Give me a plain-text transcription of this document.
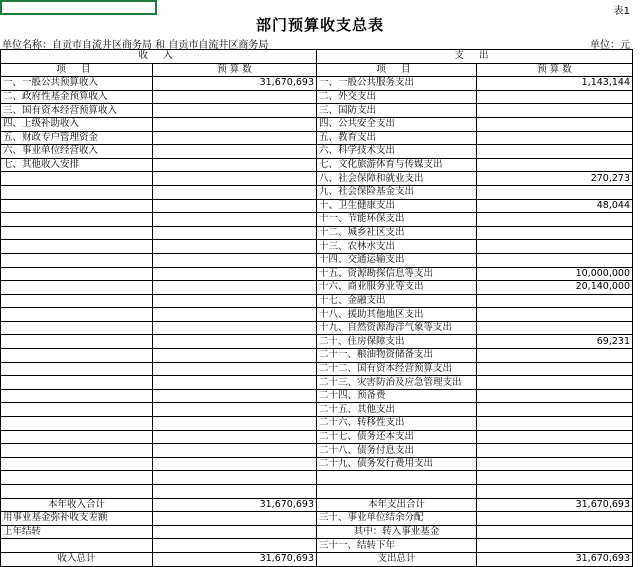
表1
部门预算收支总表
单位名称：自贡市自流井区商务局 和 自贡市自流井区商务局	单位：元
收 入		支 出	
项 目	预 算 数	项 目	预 算 数
一、一般公共预算收入	31,670,693	一、一般公共服务支出	1,143,144
二、政府性基金预算收入		二、外交支出	
三、国有资本经营预算收入		三、国防支出	
四、上级补助收入		四、公共安全支出	
五、财政专户管理资金		五、教育支出	
六、事业单位经营收入		六、科学技术支出	
七、其他收入安排		七、文化旅游体育与传媒支出	
		八、社会保障和就业支出	270,273
		九、社会保险基金支出	
		十、卫生健康支出	48,044
		十一、节能环保支出	
		十二、城乡社区支出	
		十三、农林水支出	
		十四、交通运输支出	
		十五、资源勘探信息等支出	10,000,000
		十六、商业服务业等支出	20,140,000
		十七、金融支出	
		十八、援助其他地区支出	
		十九、自然资源海洋气象等支出	
		二十、住房保障支出	69,231
		二十一、粮油物资储备支出	
		二十二、国有资本经营预算支出	
		二十三、灾害防治及应急管理支出	
		二十四、预备费	
		二十五、其他支出	
		二十六、转移性支出	
		二十七、债务还本支出	
		二十八、债务付息支出	
		二十九、债务发行费用支出	

本年收入合计	31,670,693	本年支出合计	31,670,693
用事业基金弥补收支差额		三十、事业单位结余分配	
上年结转		其中：转入事业基金	
		三十一、结转下年	
收入总计	31,670,693	支出总计	31,670,693
